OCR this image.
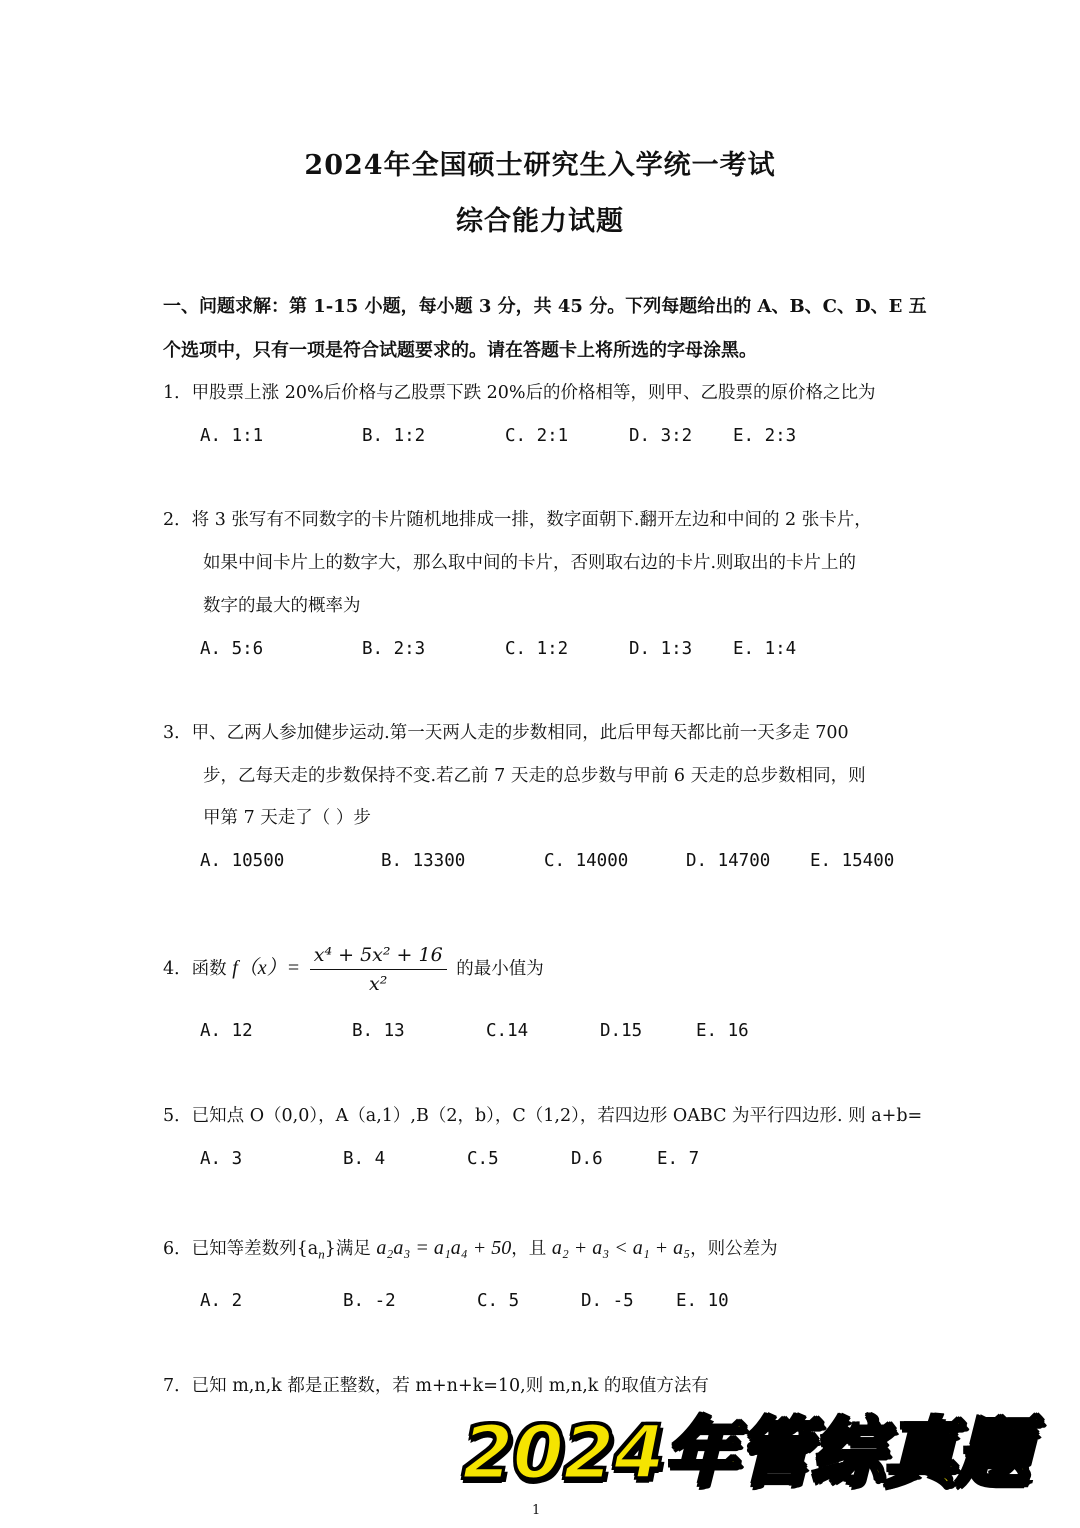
2024年全国硕士研究生入学统一考试
综合能力试题
一、问题求解：第 1-15 小题，每小题 3 分，共 45 分。下列每题给出的 A、B、C、D、E 五
个选项中，只有一项是符合试题要求的。请在答题卡上将所选的字母涂黑。
1．甲股票上涨 20%后价格与乙股票下跌 20%后的价格相等，则甲、乙股票的原价格之比为
A. 1:1	B. 1:2	C. 2:1	D. 3:2 E. 2:3
2．将 3 张写有不同数字的卡片随机地排成一排，数字面朝下.翻开左边和中间的 2 张卡片，
如果中间卡片上的数字大，那么取中间的卡片，否则取右边的卡片.则取出的卡片上的
数字的最大的概率为
A. 5:6	B. 2:3	C. 1:2	D. 1:3 E. 1:4
3．甲、乙两人参加健步运动.第一天两人走的步数相同，此后甲每天都比前一天多走 700
步，乙每天走的步数保持不变.若乙前 7 天走的总步数与甲前 6 天走的总步数相同，则
甲第 7 天走了（ ）步
A. 10500	B. 13300	C. 14000	D. 14700 E. 15400
4．函数 $f(x)= \frac{\text{x⁴ + 5x² + 16}}{\text{x²}}$ 的最小值为
A. 12	B. 13	C.14	D.15	E. 16
5．已知点 O（0,0），A（a,1）,B（2，b），C（1,2），若四边形 OABC 为平行四边形. 则 a+b=
A. 3	B. 4	C.5	D.6	E. 7
6．已知等差数列$\{a_n\}$满足 a₂a₃ = a₁a₄ + 50，且 a₂ + a₃ < a₁ + a₅，则公差为
A. 2	B. -2	C. 5	D. -5 E. 10
7．已知 m,n,k 都是正整数，若 m+n+k=10,则 m,n,k 的取值方法有
2024年管综真题
1
